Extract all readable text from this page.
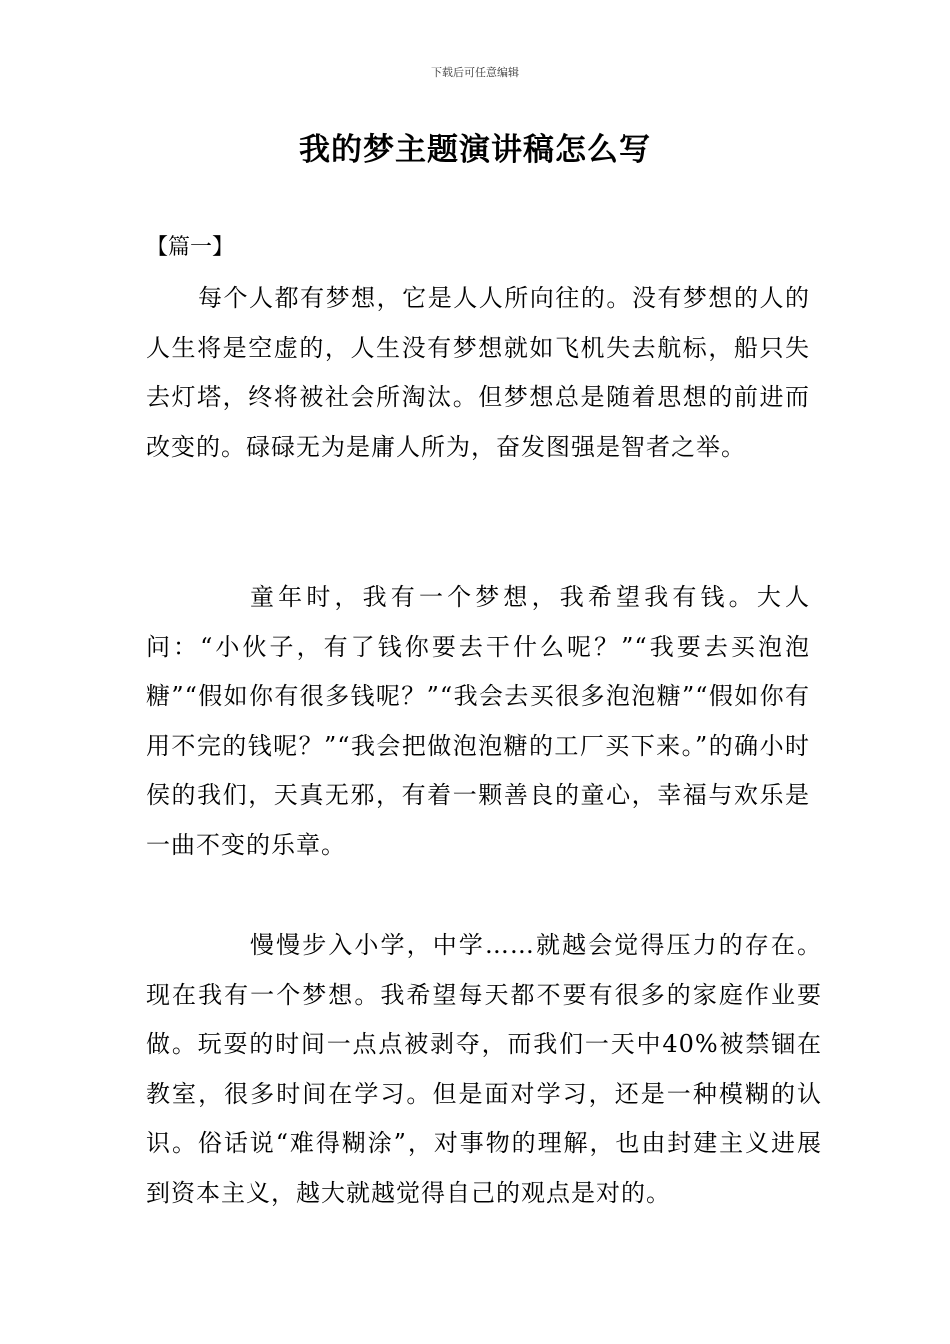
下载后可任意编辑
我的梦主题演讲稿怎么写
【篇一】

每个人都有梦想，它是人人所向往的。没有梦想的人的人生将是空虚的，人生没有梦想就如飞机失去航标，船只失去灯塔，终将被社会所淘汰。但梦想总是随着思想的前进而改变的。碌碌无为是庸人所为，奋发图强是智者之举。

童年时，我有一个梦想，我希望我有钱。大人问：“小伙子，有了钱你要去干什么呢？”“我要去买泡泡糖”“假如你有很多钱呢？”“我会去买很多泡泡糖”“假如你有用不完的钱呢？”“我会把做泡泡糖的工厂买下来。”的确小时侯的我们，天真无邪，有着一颗善良的童心，幸福与欢乐是一曲不变的乐章。

慢慢步入小学，中学……就越会觉得压力的存在。现在我有一个梦想。我希望每天都不要有很多的家庭作业要做。玩耍的时间一点点被剥夺，而我们一天中40%被禁锢在教室，很多时间在学习。但是面对学习，还是一种模糊的认识。俗话说“难得糊涂”，对事物的理解，也由封建主义进展到资本主义，越大就越觉得自己的观点是对的。
